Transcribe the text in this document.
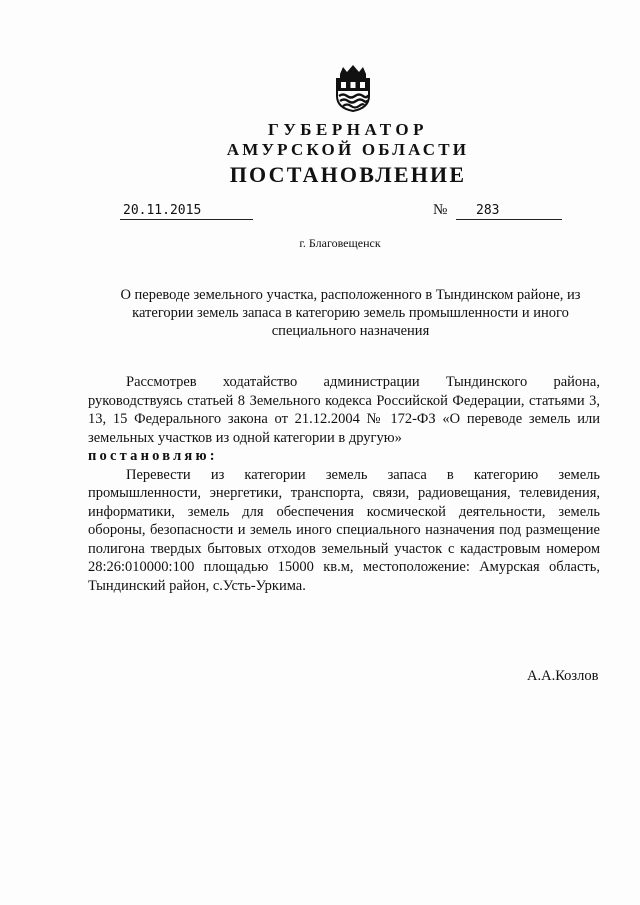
ГУБЕРНАТОР
АМУРСКОЙ ОБЛАСТИ
ПОСТАНОВЛЕНИЕ
20.11.2015	№	283
г. Благовещенск
О переводе земельного участка, расположенного в Тындинском районе, из категории земель запаса в категорию земель промышленности и иного специального назначения

Рассмотрев ходатайство администрации Тындинского района, руководствуясь статьей 8 Земельного кодекса Российской Федерации, статьями 3, 13, 15 Федерального закона от 21.12.2004 № 172-ФЗ «О переводе земель или земельных участков из одной категории в другую»

постановляю:

Перевести из категории земель запаса в категорию земель промышленности, энергетики, транспорта, связи, радиовещания, телевидения, информатики, земель для обеспечения космической деятельности, земель обороны, безопасности и земель иного специального назначения под размещение полигона твердых бытовых отходов земельный участок с кадастровым номером 28:26:010000:100 площадью 15000 кв.м, местоположение: Амурская область, Тындинский район, с.Усть-Уркима.

А.А.Козлов
